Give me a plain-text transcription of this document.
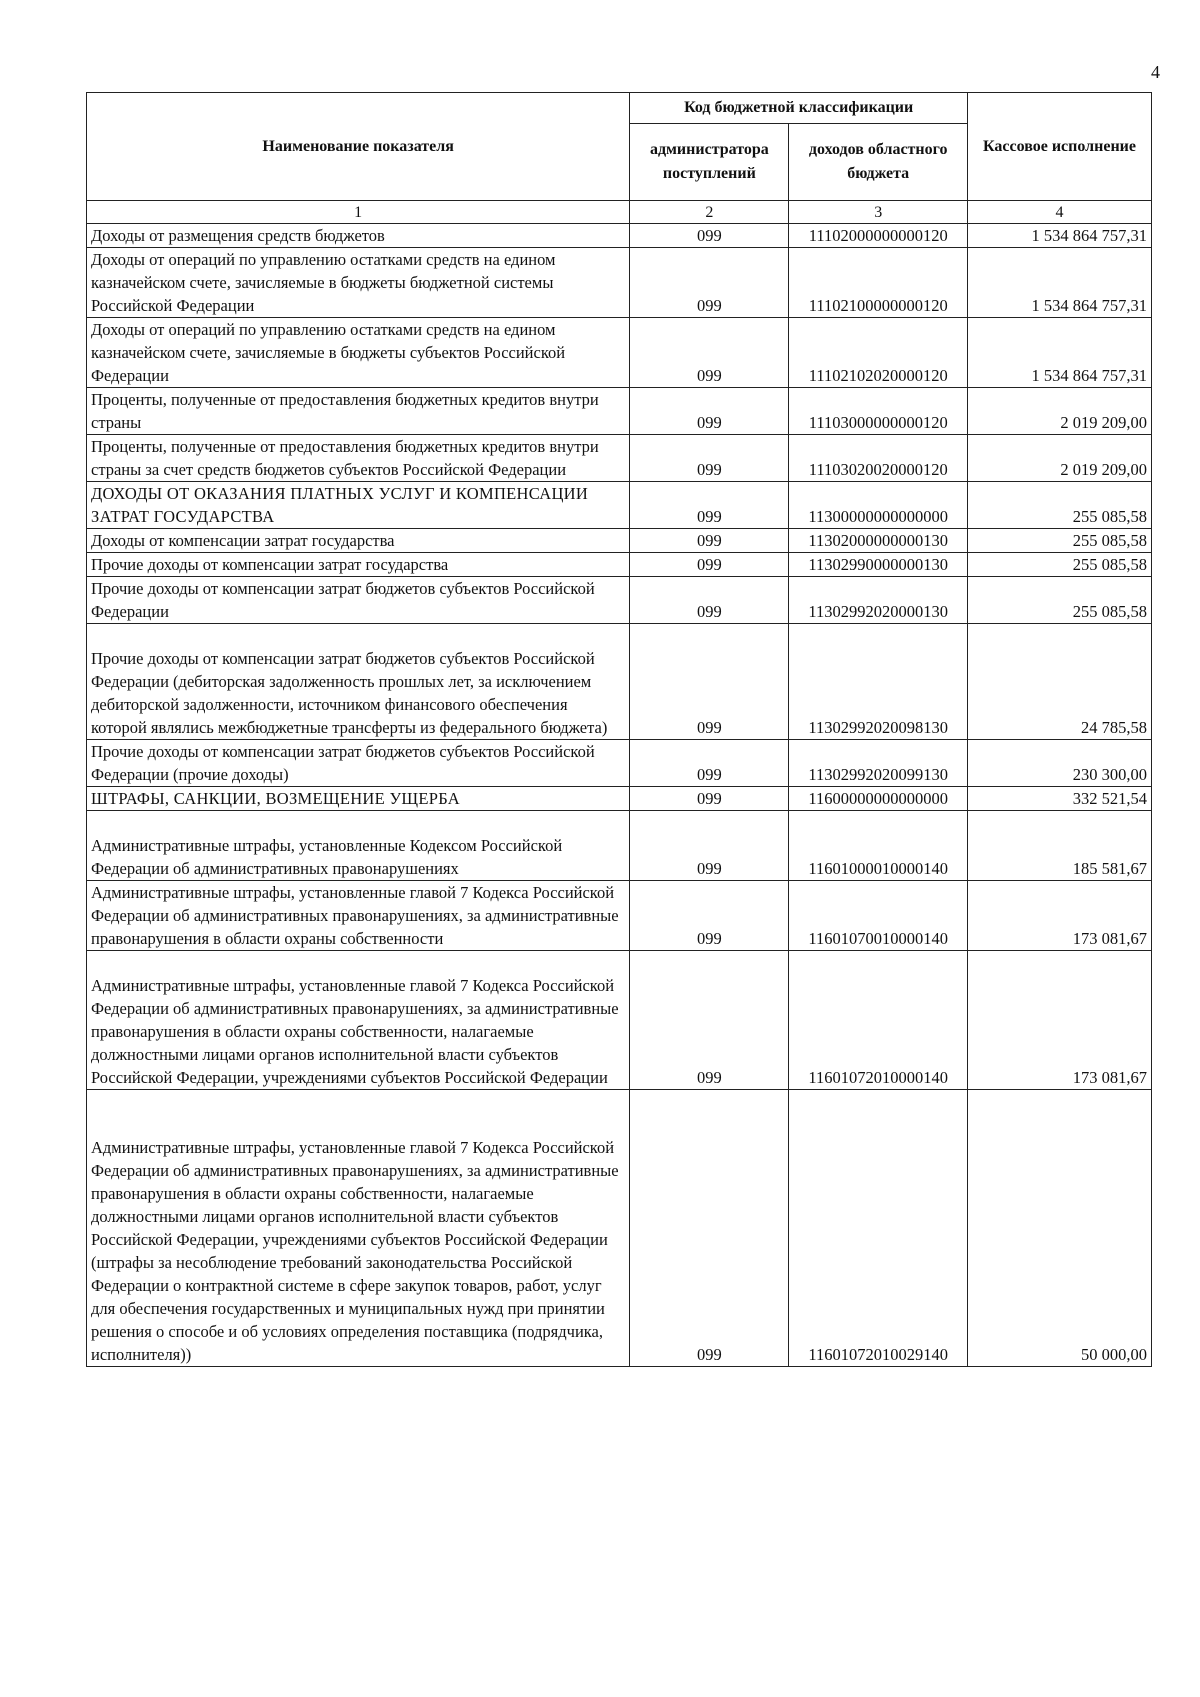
4
Наименование показателя	Код бюджетной классификации		Кассовое исполнение
	администратора поступлений	доходов областного бюджета	
1	2	3	4
Доходы от размещения средств бюджетов	099	11102000000000120	1 534 864 757,31
Доходы от операций по управлению остатками средств на едином казначейском счете, зачисляемые в бюджеты бюджетной системы Российской Федерации	099	11102100000000120	1 534 864 757,31
Доходы от операций по управлению остатками средств на едином казначейском счете, зачисляемые в бюджеты субъектов Российской Федерации	099	11102102020000120	1 534 864 757,31
Проценты, полученные от предоставления бюджетных кредитов внутри страны	099	11103000000000120	2 019 209,00
Проценты, полученные от предоставления бюджетных кредитов внутри страны за счет средств бюджетов субъектов Российской Федерации	099	11103020020000120	2 019 209,00
ДОХОДЫ ОТ ОКАЗАНИЯ ПЛАТНЫХ УСЛУГ И КОМПЕНСАЦИИ ЗАТРАТ ГОСУДАРСТВА	099	11300000000000000	255 085,58
Доходы от компенсации затрат государства	099	11302000000000130	255 085,58
Прочие доходы от компенсации затрат государства	099	11302990000000130	255 085,58
Прочие доходы от компенсации затрат бюджетов субъектов Российской Федерации	099	11302992020000130	255 085,58

Прочие доходы от компенсации затрат бюджетов субъектов Российской Федерации (дебиторская задолженность прошлых лет, за исключением дебиторской задолженности, источником финансового обеспечения которой являлись межбюджетные трансферты из федерального бюджета)	099	11302992020098130	24 785,58
Прочие доходы от компенсации затрат бюджетов субъектов Российской Федерации (прочие доходы)	099	11302992020099130	230 300,00
ШТРАФЫ, САНКЦИИ, ВОЗМЕЩЕНИЕ УЩЕРБА	099	11600000000000000	332 521,54

Административные штрафы, установленные Кодексом Российской Федерации об административных правонарушениях	099	11601000010000140	185 581,67
Административные штрафы, установленные главой 7 Кодекса Российской Федерации об административных правонарушениях, за административные правонарушения в области охраны собственности	099	11601070010000140	173 081,67

Административные штрафы, установленные главой 7 Кодекса Российской Федерации об административных правонарушениях, за административные правонарушения в области охраны собственности, налагаемые должностными лицами органов исполнительной власти субъектов Российской Федерации, учреждениями субъектов Российской Федерации	099	11601072010000140	173 081,67

Административные штрафы, установленные главой 7 Кодекса Российской Федерации об административных правонарушениях, за административные правонарушения в области охраны собственности, налагаемые должностными лицами органов исполнительной власти субъектов Российской Федерации, учреждениями субъектов Российской Федерации (штрафы за несоблюдение требований законодательства Российской Федерации о контрактной системе в сфере закупок товаров, работ, услуг для обеспечения государственных и муниципальных нужд при принятии решения о способе и об условиях определения поставщика (подрядчика, исполнителя))	099	11601072010029140	50 000,00
